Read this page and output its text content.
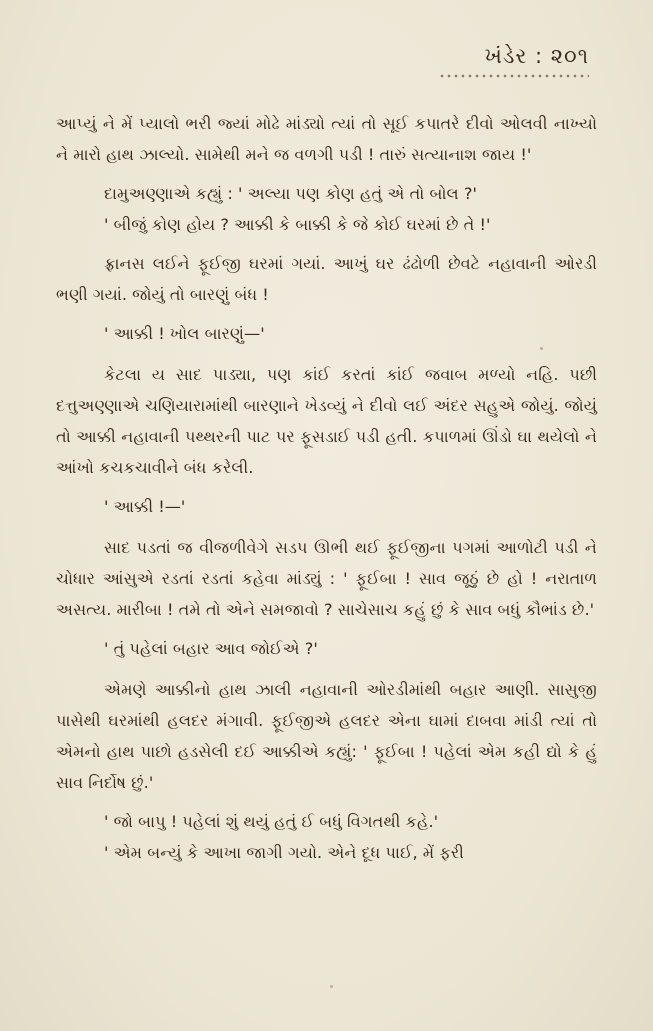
ખંડેર : ૨૦૧

આપ્યું ને મેં પ્યાલો ભરી જ્યાં મોઢે માંડ્યો ત્યાં તો સૂઈ કપાતરે દીવો ઓલવી નાખ્યો ને મારો હાથ ઝાલ્યો. સામેથી મને જ વળગી પડી ! તારું સત્યાનાશ જાય !'

દામુઅણ્ણાએ કહ્યું : ' અલ્યા પણ કોણ હતું એ તો બોલ ?'

' બીજું કોણ હોય ? આક્કી કે બાક્કી કે જે કોઈ ઘરમાં છે તે !'

ફ્રાનસ લઈને ફૂઈજી ઘરમાં ગયાં. આખું ઘર ઢંઢોળી છેવટે નહાવાની ઓરડી ભણી ગયાં. જોયું તો બારણું બંધ !

' આક્કી ! ખોલ બારણું—'

કેટલા ય સાદ પાડ્યા, પણ કાંઈ કરતાં કાંઈ જવાબ મળ્યો નહિ. પછી દત્તુઅણ્ણાએ ચણિયારામાંથી બારણાને ખેડવ્યું ને દીવો લઈ અંદર સહુએ જોયું. જોયું તો આક્કી નહાવાની પથ્થરની પાટ પર ફૂસડાઈ પડી હતી. કપાળમાં ઊંડો ઘા થયેલો ને આંખો કચકચાવીને બંધ કરેલી.

' આક્કી !—'

સાદ પડતાં જ વીજળીવેગે સડપ ઊભી થઈ ફૂઈજીના પગમાં આળોટી પડી ને ચોધાર આંસુએ રડતાં રડતાં કહેવા માંડ્યું : ' ફૂઈબા ! સાવ જૂઠું છે હો ! નરાતાળ અસત્ય. મારીબા ! તમે તો એને સમજાવો ? સાચેસાચ કહું છું કે સાવ બધું કૌભાંડ છે.'

' તું પહેલાં બહાર આવ જોઈએ ?'

એમણે આક્કીનો હાથ ઝાલી નહાવાની ઓરડીમાંથી બહાર આણી. સાસુજી પાસેથી ઘરમાંથી હલદર મંગાવી. ફૂઈજીએ હલદર એના ઘામાં દાબવા માંડી ત્યાં તો એમનો હાથ પાછો હડસેલી દઈ આક્કીએ કહ્યું: ' ફૂઈબા ! પહેલાં એમ કહી દ્યો કે હું સાવ નિર્દોષ છું.'

' જો બાપુ ! પહેલાં શું થયું હતું ઈ બધું વિગતથી કહે.'

' એમ બન્યું કે આખા જાગી ગયો. એને દૂધ પાઈ, મેં ફરી
